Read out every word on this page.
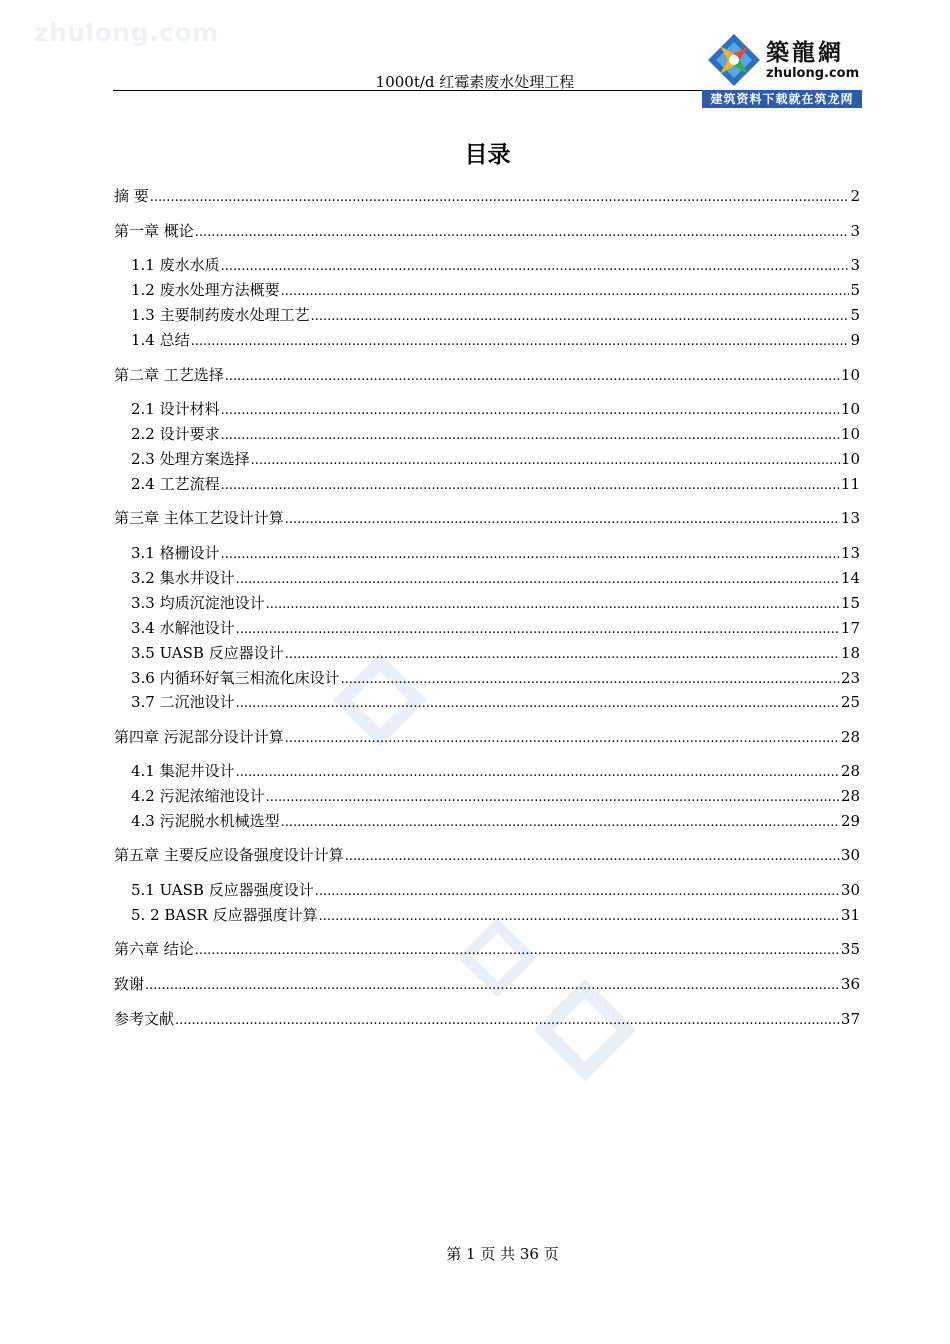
zhulong.com
1000t/d 红霉素废水处理工程
築龍網
zhulong.com
建筑资料下载就在筑龙网
目录
摘 要 .....	2
第一章 概论 .....	3
1.1 废水水质 .....	3
1.2 废水处理方法概要 .....	5
1.3 主要制药废水处理工艺 .....	5
1.4 总结 .....	9
第二章 工艺选择 .....	10
2.1 设计材料 .....	10
2.2 设计要求 .....	10
2.3 处理方案选择 .....	10
2.4 工艺流程 .....	11
第三章 主体工艺设计计算 .....	13
3.1 格栅设计 .....	13
3.2 集水井设计 .....	14
3.3 均质沉淀池设计 .....	15
3.4 水解池设计 .....	17
3.5 UASB 反应器设计 .....	18
3.6 内循环好氧三相流化床设计 .....	23
3.7 二沉池设计 .....	25
第四章 污泥部分设计计算 .....	28
4.1 集泥井设计 .....	28
4.2 污泥浓缩池设计 .....	28
4.3 污泥脱水机械选型 .....	29
第五章 主要反应设备强度设计计算 .....	30
5.1 UASB 反应器强度设计 .....	30
5. 2 BASR 反应器强度计算 .....	31
第六章 结论 .....	35
致谢 .....	36
参考文献 .....	37
第 1 页 共 36 页
